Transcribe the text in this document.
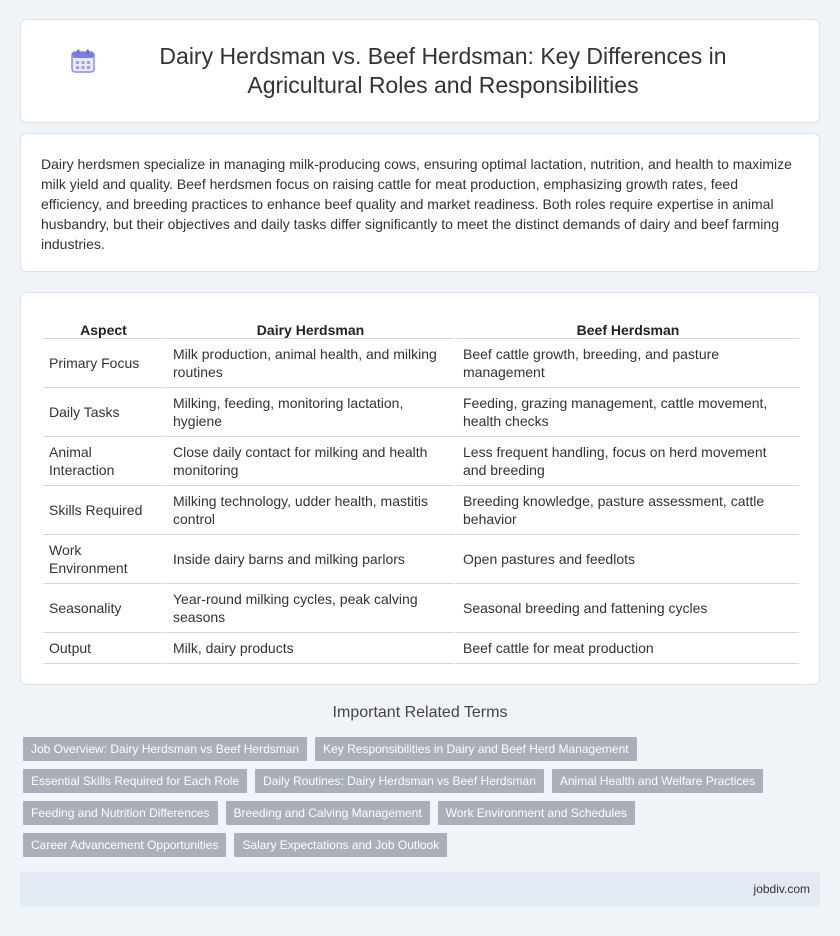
Dairy Herdsman vs. Beef Herdsman: Key Differences in Agricultural Roles and Responsibilities

Dairy herdsmen specialize in managing milk-producing cows, ensuring optimal lactation, nutrition, and health to maximize milk yield and quality. Beef herdsmen focus on raising cattle for meat production, emphasizing growth rates, feed efficiency, and breeding practices to enhance beef quality and market readiness. Both roles require expertise in animal husbandry, but their objectives and daily tasks differ significantly to meet the distinct demands of dairy and beef farming industries.

Aspect	Dairy Herdsman	Beef Herdsman
Primary Focus	Milk production, animal health, and milking routines	Beef cattle growth, breeding, and pasture management
Daily Tasks	Milking, feeding, monitoring lactation, hygiene	Feeding, grazing management, cattle movement, health checks
Animal Interaction	Close daily contact for milking and health monitoring	Less frequent handling, focus on herd movement and breeding
Skills Required	Milking technology, udder health, mastitis control	Breeding knowledge, pasture assessment, cattle behavior
Work Environment	Inside dairy barns and milking parlors	Open pastures and feedlots
Seasonality	Year-round milking cycles, peak calving seasons	Seasonal breeding and fattening cycles
Output	Milk, dairy products	Beef cattle for meat production
Important Related Terms
Job Overview: Dairy Herdsman vs Beef Herdsman	Key Responsibilities in Dairy and Beef Herd Management
Essential Skills Required for Each Role	Daily Routines: Dairy Herdsman vs Beef Herdsman	Animal Health and Welfare Practices
Feeding and Nutrition Differences	Breeding and Calving Management	Work Environment and Schedules
Career Advancement Opportunities	Salary Expectations and Job Outlook
jobdiv.com
